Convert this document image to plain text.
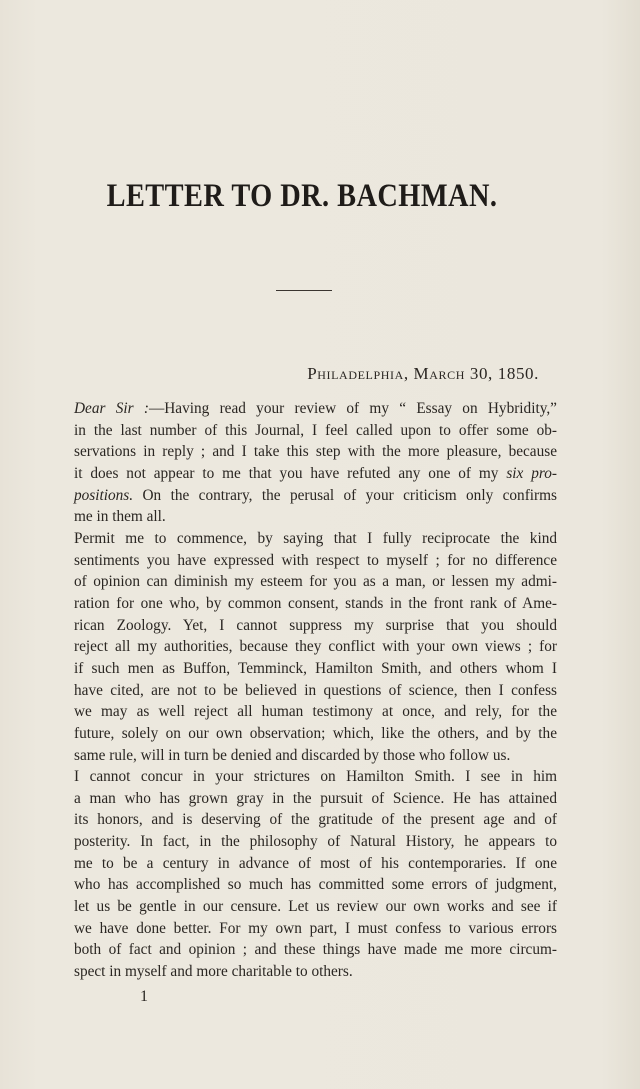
LETTER TO DR. BACHMAN.

Philadelphia, March 30, 1850.

Dear Sir :—Having read your review of my “ Essay on Hybridity,”
in the last number of this Journal, I feel called upon to offer some ob-
servations in reply ; and I take this step with the more pleasure, because
it does not appear to me that you have refuted any one of my six pro-
positions. On the contrary, the perusal of your criticism only confirms
me in them all.

Permit me to commence, by saying that I fully reciprocate the kind
sentiments you have expressed with respect to myself ; for no difference
of opinion can diminish my esteem for you as a man, or lessen my admi-
ration for one who, by common consent, stands in the front rank of Ame-
rican Zoology. Yet, I cannot suppress my surprise that you should
reject all my authorities, because they conflict with your own views ; for
if such men as Buffon, Temminck, Hamilton Smith, and others whom I
have cited, are not to be believed in questions of science, then I confess
we may as well reject all human testimony at once, and rely, for the
future, solely on our own observation; which, like the others, and by the
same rule, will in turn be denied and discarded by those who follow us.

I cannot concur in your strictures on Hamilton Smith. I see in him
a man who has grown gray in the pursuit of Science. He has attained
its honors, and is deserving of the gratitude of the present age and of
posterity. In fact, in the philosophy of Natural History, he appears to
me to be a century in advance of most of his contemporaries. If one
who has accomplished so much has committed some errors of judgment,
let us be gentle in our censure. Let us review our own works and see if
we have done better. For my own part, I must confess to various errors
both of fact and opinion ; and these things have made me more circum-
spect in myself and more charitable to others.

1
